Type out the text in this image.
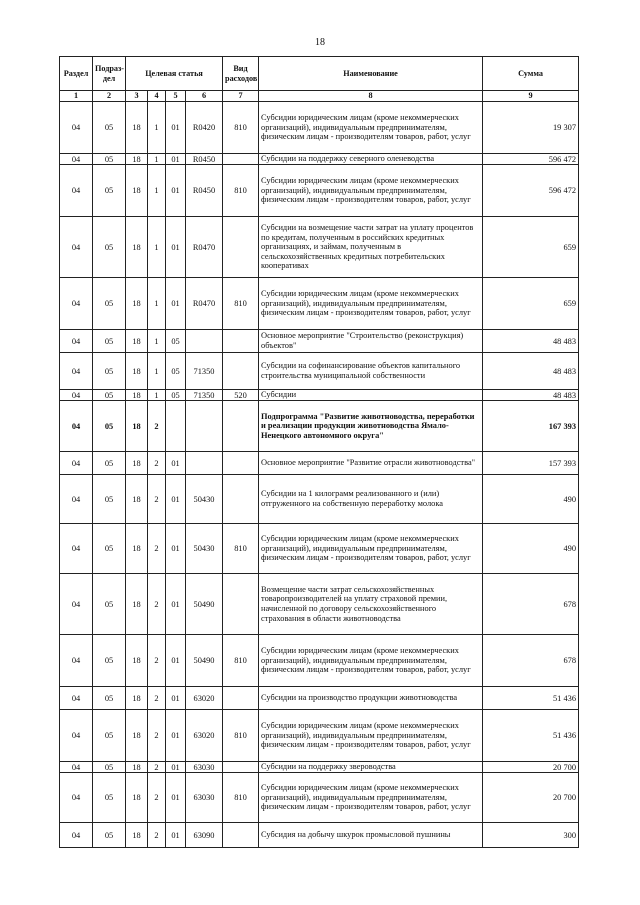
18
Раздел	Подраз-дел	Целевая статья				Вид расходов	Наименование	Сумма
1	2	3	4	5	6	7	8	9
04	05	18	1	01	R0420	810	Субсидии юридическим лицам (кроме некоммерческих организаций), индивидуальным предпринимателям, физическим лицам - производителям товаров, работ, услуг	19 307
04	05	18	1	01	R0450		Субсидии на поддержку северного оленеводства	596 472
04	05	18	1	01	R0450	810	Субсидии юридическим лицам (кроме некоммерческих организаций), индивидуальным предпринимателям, физическим лицам - производителям товаров, работ, услуг	596 472
04	05	18	1	01	R0470		Субсидии на возмещение части затрат на уплату процентов по кредитам, полученным в российских кредитных организациях, и займам, полученным в сельскохозяйственных кредитных потребительских кооперативах	659
04	05	18	1	01	R0470	810	Субсидии юридическим лицам (кроме некоммерческих организаций), индивидуальным предпринимателям, физическим лицам - производителям товаров, работ, услуг	659
04	05	18	1	05			Основное мероприятие "Строительство (реконструкция) объектов"	48 483
04	05	18	1	05	71350		Субсидии на софинансирование объектов капитального строительства муниципальной собственности	48 483
04	05	18	1	05	71350	520	Субсидии	48 483
04	05	18	2				Подпрограмма "Развитие животноводства, переработки и реализации продукции животноводства Ямало-Ненецкого автономного округа"	167 393
04	05	18	2	01			Основное мероприятие "Развитие отрасли животноводства"	157 393
04	05	18	2	01	50430		Субсидии на 1 килограмм реализованного и (или) отгруженного на собственную переработку молока	490
04	05	18	2	01	50430	810	Субсидии юридическим лицам (кроме некоммерческих организаций), индивидуальным предпринимателям, физическим лицам - производителям товаров, работ, услуг	490
04	05	18	2	01	50490		Возмещение части затрат сельскохозяйственных товаропроизводителей на уплату страховой премии, начисленной по договору сельскохозяйственного страхования в области животноводства	678
04	05	18	2	01	50490	810	Субсидии юридическим лицам (кроме некоммерческих организаций), индивидуальным предпринимателям, физическим лицам - производителям товаров, работ, услуг	678
04	05	18	2	01	63020		Субсидии на производство продукции животноводства	51 436
04	05	18	2	01	63020	810	Субсидии юридическим лицам (кроме некоммерческих организаций), индивидуальным предпринимателям, физическим лицам - производителям товаров, работ, услуг	51 436
04	05	18	2	01	63030		Субсидии на поддержку звероводства	20 700
04	05	18	2	01	63030	810	Субсидии юридическим лицам (кроме некоммерческих организаций), индивидуальным предпринимателям, физическим лицам - производителям товаров, работ, услуг	20 700
04	05	18	2	01	63090		Субсидия на добычу шкурок промысловой пушнины	300
